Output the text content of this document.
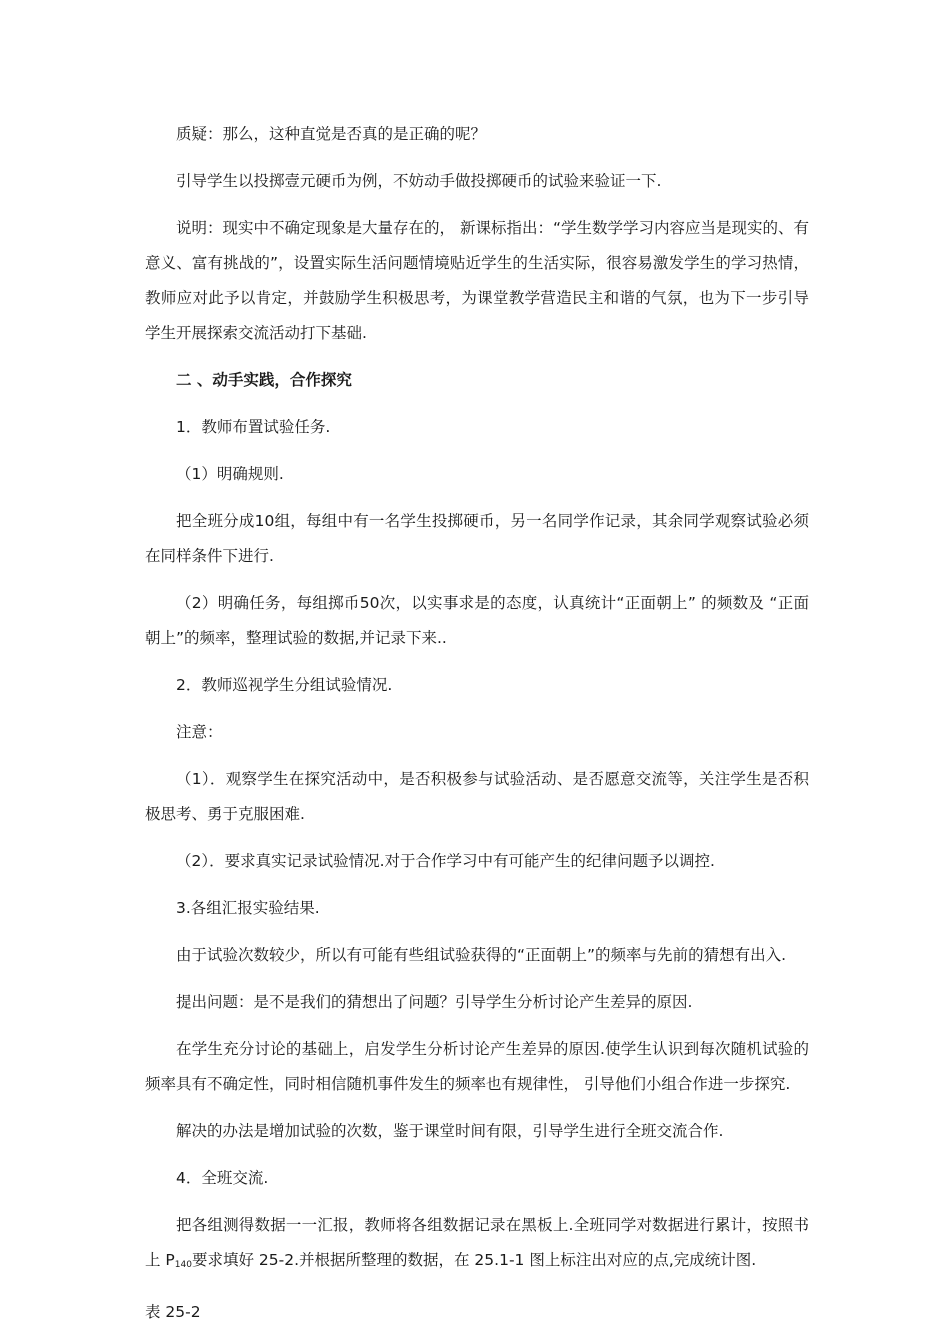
质疑：那么，这种直觉是否真的是正确的呢？

引导学生以投掷壹元硬币为例，不妨动手做投掷硬币的试验来验证一下.

说明：现实中不确定现象是大量存在的， 新课标指出：“学生数学学习内容应当是现实的、有意义、富有挑战的”，设置实际生活问题情境贴近学生的生活实际，很容易激发学生的学习热情，教师应对此予以肯定，并鼓励学生积极思考，为课堂教学营造民主和谐的气氛，也为下一步引导学生开展探索交流活动打下基础.

二 、动手实践，合作探究

1．教师布置试验任务.

（1）明确规则.

把全班分成10组，每组中有一名学生投掷硬币，另一名同学作记录，其余同学观察试验必须在同样条件下进行.

（2）明确任务，每组掷币50次，以实事求是的态度，认真统计“正面朝上” 的频数及 “正面朝上”的频率，整理试验的数据,并记录下来..

2．教师巡视学生分组试验情况.

注意：

（1）．观察学生在探究活动中，是否积极参与试验活动、是否愿意交流等，关注学生是否积极思考、勇于克服困难.

（2）．要求真实记录试验情况.对于合作学习中有可能产生的纪律问题予以调控.

3.各组汇报实验结果.

由于试验次数较少，所以有可能有些组试验获得的“正面朝上”的频率与先前的猜想有出入.

提出问题：是不是我们的猜想出了问题？引导学生分析讨论产生差异的原因.

在学生充分讨论的基础上，启发学生分析讨论产生差异的原因.使学生认识到每次随机试验的频率具有不确定性，同时相信随机事件发生的频率也有规律性， 引导他们小组合作进一步探究.

解决的办法是增加试验的次数，鉴于课堂时间有限，引导学生进行全班交流合作.

4．全班交流.

把各组测得数据一一汇报，教师将各组数据记录在黑板上.全班同学对数据进行累计，按照书上 $P_{140}$要求填好 25-2.并根据所整理的数据，在 25.1-1 图上标注出对应的点,完成统计图.

表 25-2
